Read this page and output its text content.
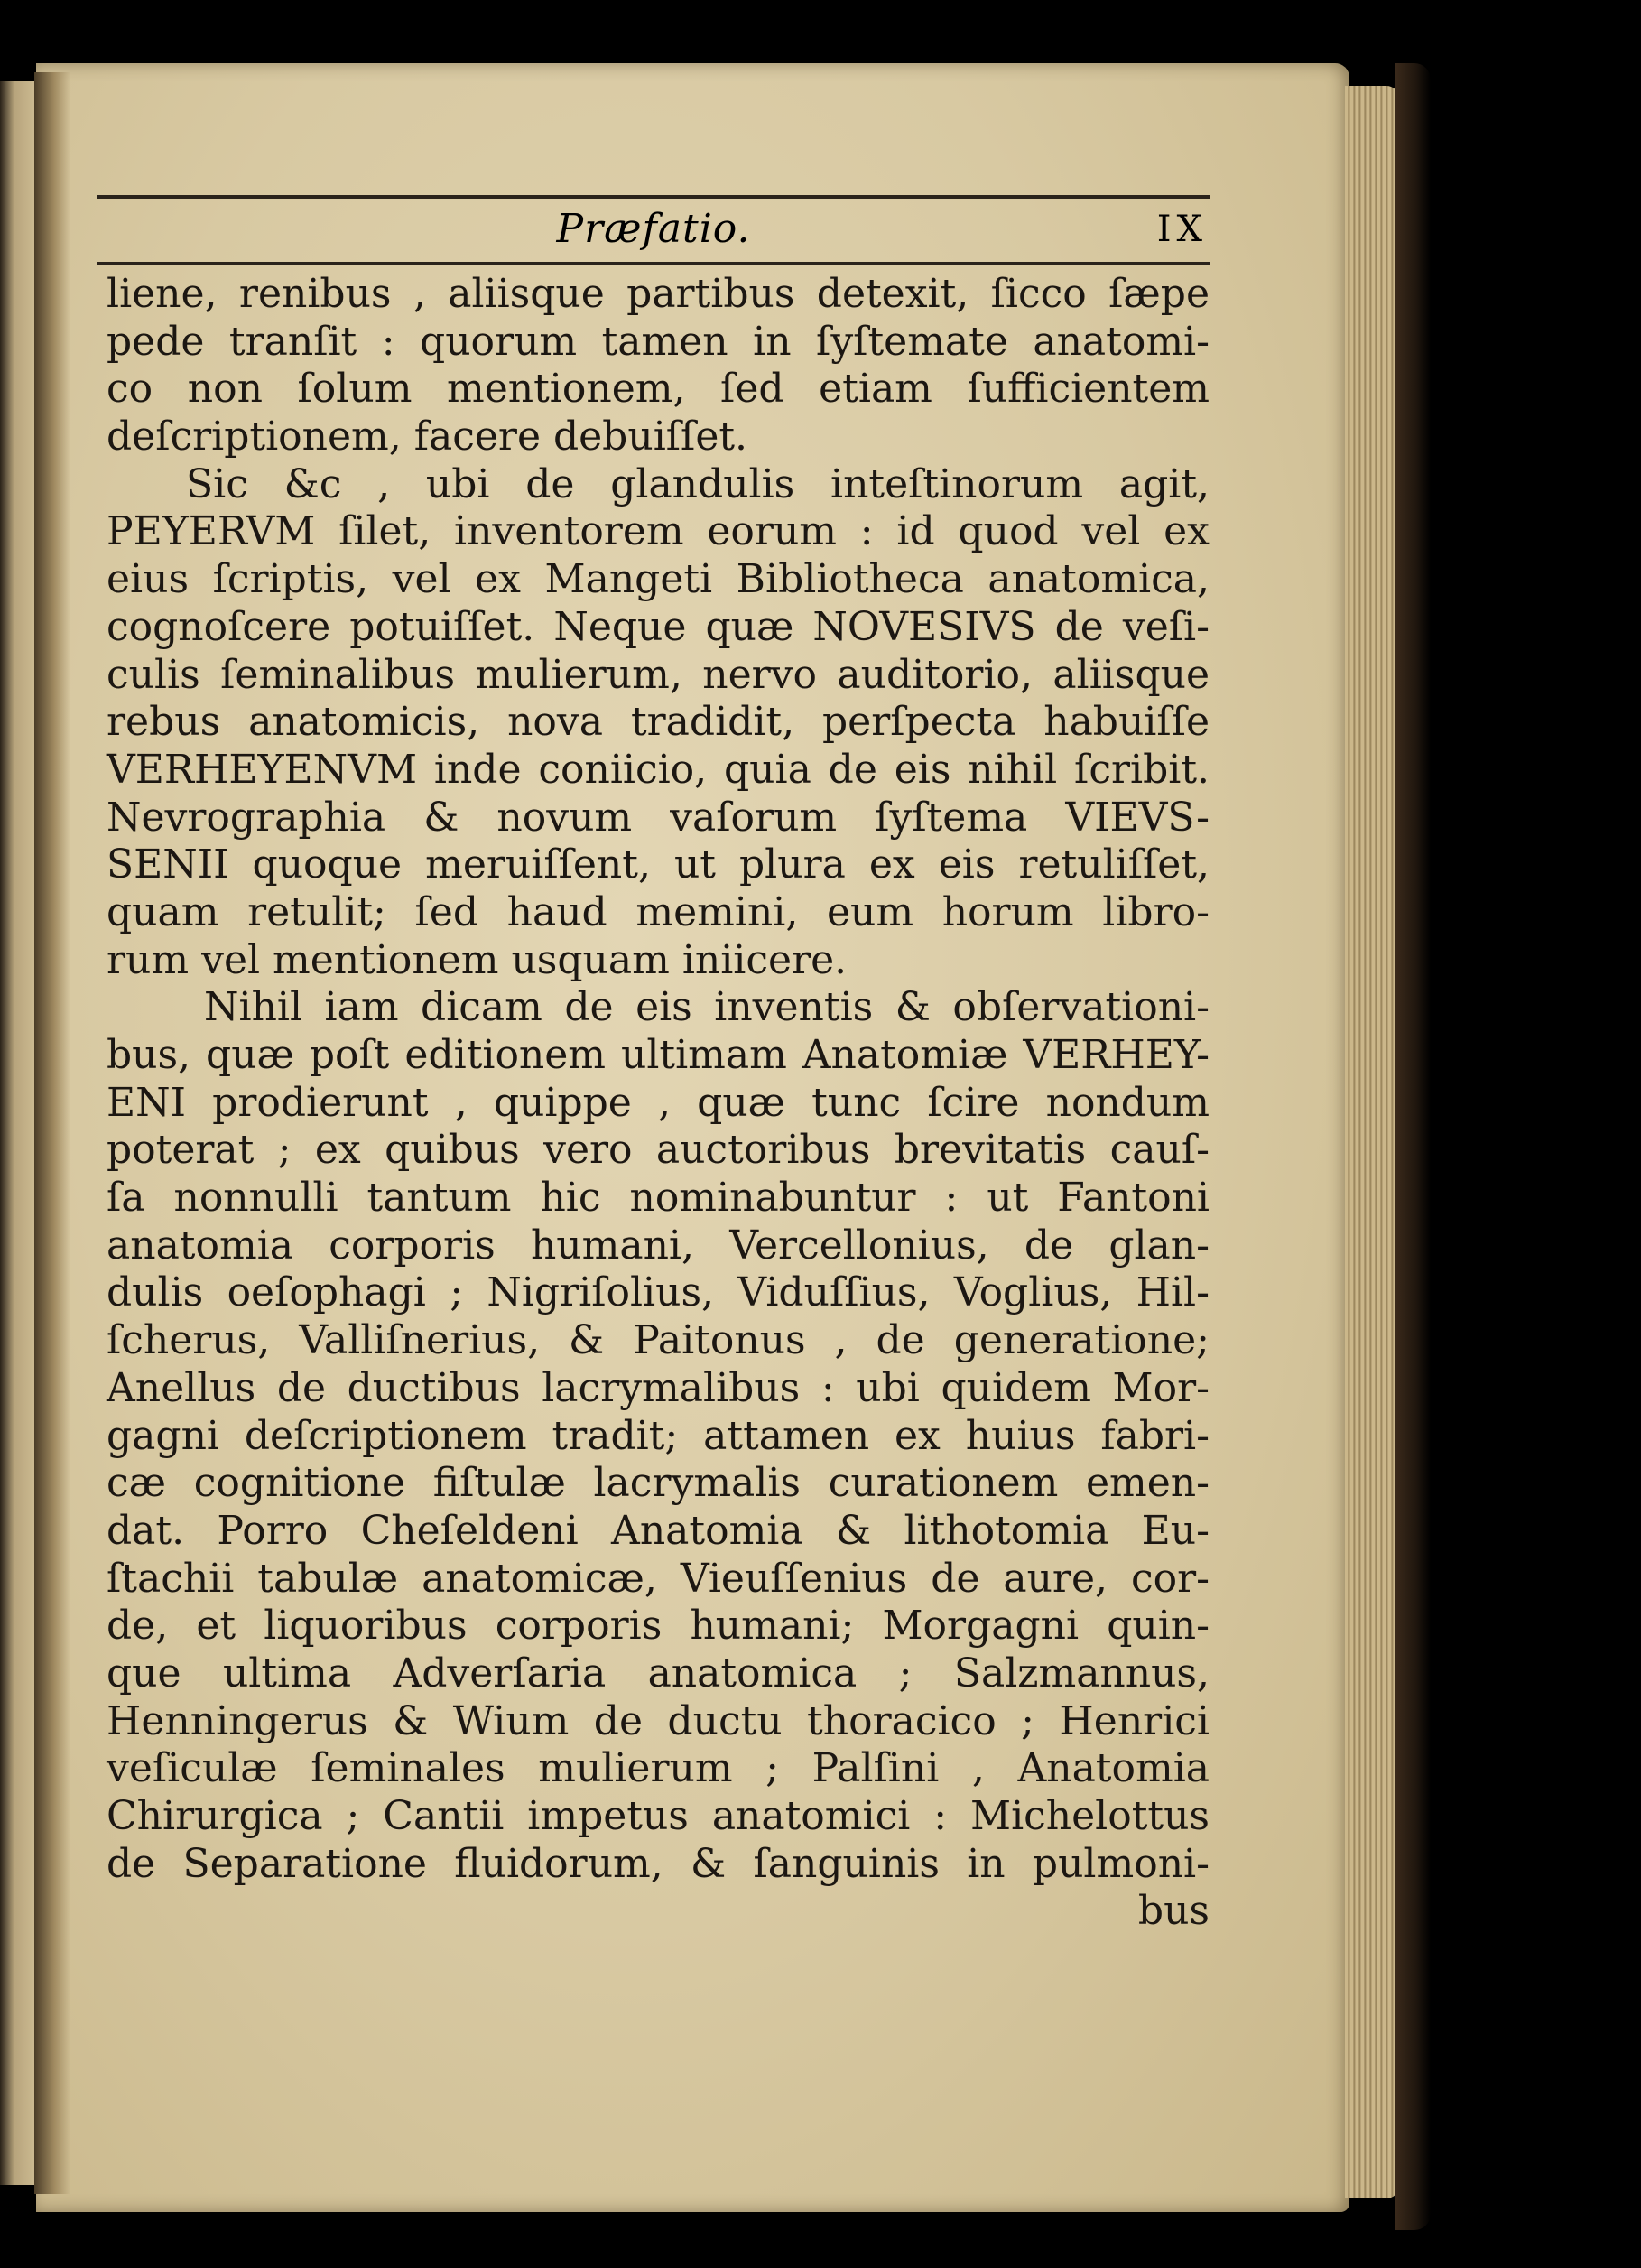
Præfatio.	IX
liene, renibus , aliisque partibus detexit, ſicco ſæpe
pede tranſit : quorum tamen in ſyſtemate anatomi-
co non ſolum mentionem, ſed etiam ſufficientem
deſcriptionem, facere debuiſſet.
Sic &c , ubi de glandulis inteſtinorum agit,
PEYERVM ſilet, inventorem eorum : id quod vel ex
eius ſcriptis, vel ex Mangeti Bibliotheca anatomica,
cognoſcere potuiſſet. Neque quæ NOVESIVS de veſi-
culis ſeminalibus mulierum, nervo auditorio, aliisque
rebus anatomicis, nova tradidit, perſpecta habuiſſe
VERHEYENVM inde coniicio, quia de eis nihil ſcribit.
Nevrographia & novum vaſorum ſyſtema VIEVS-
SENII quoque meruiſſent, ut plura ex eis retuliſſet,
quam retulit; ſed haud memini, eum horum libro-
rum vel mentionem usquam iniicere.
Nihil iam dicam de eis inventis & obſervationi-
bus, quæ poſt editionem ultimam Anatomiæ VERHEY-
ENI prodierunt , quippe , quæ tunc ſcire nondum
poterat ; ex quibus vero auctoribus brevitatis cauſ-
ſa nonnulli tantum hic nominabuntur : ut Fantoni
anatomia corporis humani, Vercellonius, de glan-
dulis oeſophagi ; Nigriſolius, Viduſſius, Voglius, Hil-
ſcherus, Valliſnerius, & Paitonus , de generatione;
Anellus de ductibus lacrymalibus : ubi quidem Mor-
gagni deſcriptionem tradit; attamen ex huius fabri-
cæ cognitione fiſtulæ lacrymalis curationem emen-
dat. Porro Cheſeldeni Anatomia & lithotomia Eu-
ſtachii tabulæ anatomicæ, Vieuſſenius de aure, cor-
de, et liquoribus corporis humani; Morgagni quin-
que ultima Adverſaria anatomica ; Salzmannus,
Henningerus & Wium de ductu thoracico ; Henrici
veſiculæ ſeminales mulierum ; Palſini , Anatomia
Chirurgica ; Cantii impetus anatomici : Michelottus
de Separatione fluidorum, & ſanguinis in pulmoni-
bus
